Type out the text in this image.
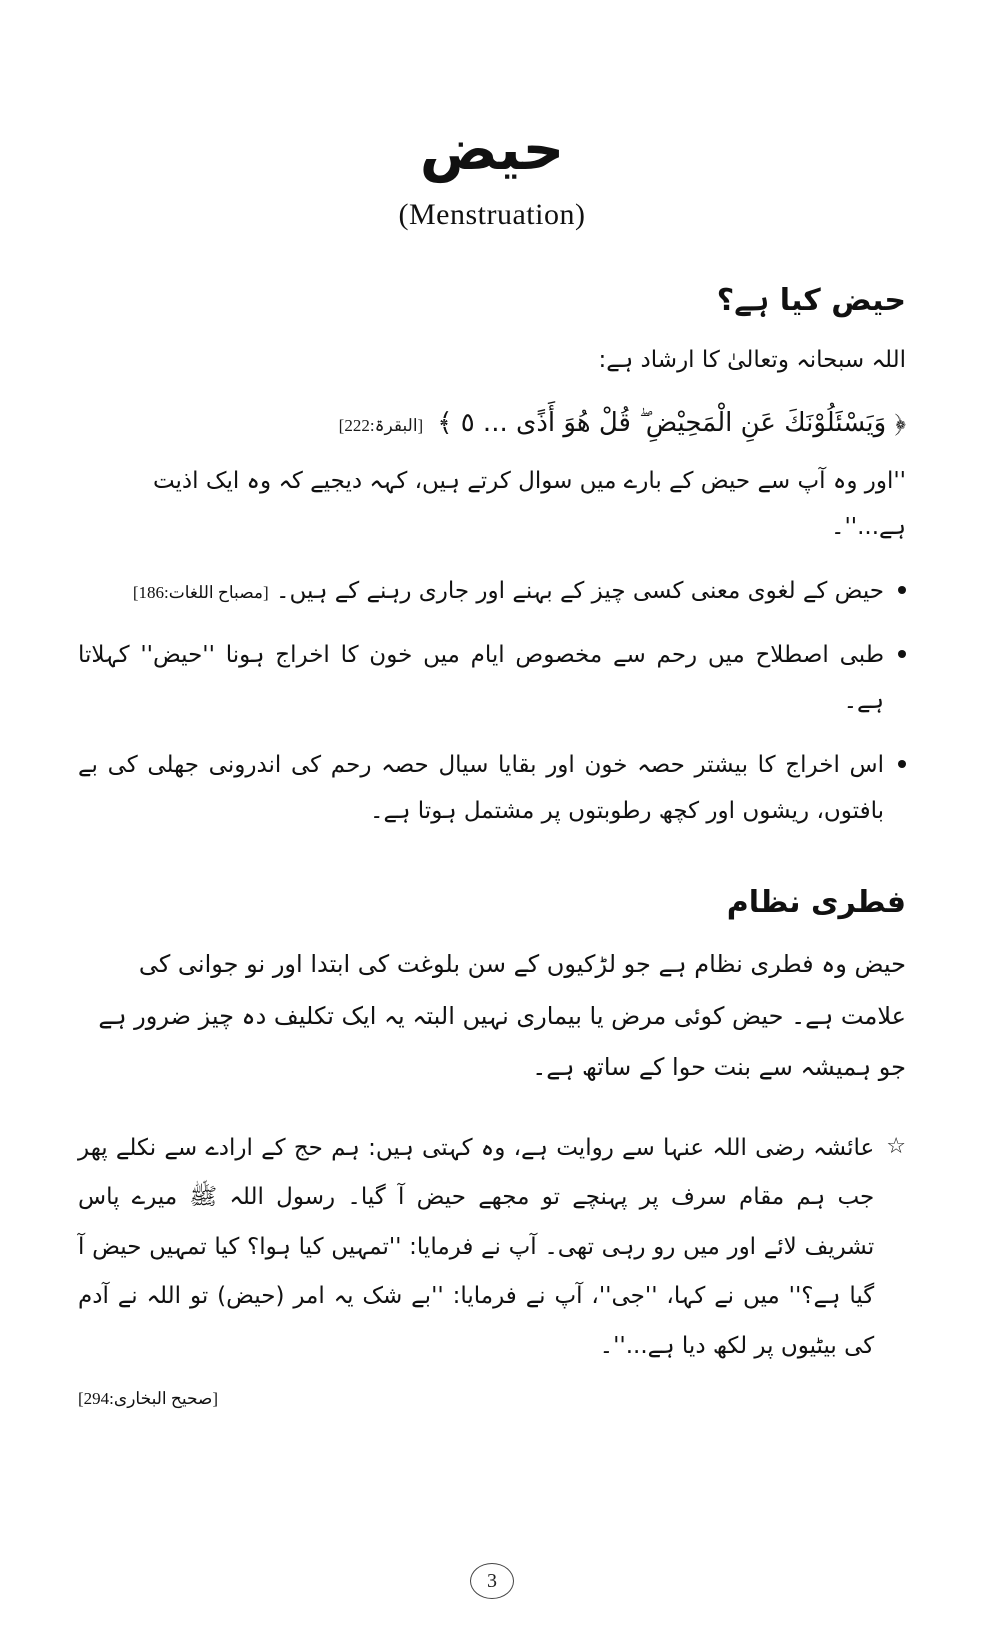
حیض
(Menstruation)
حیض کیا ہے؟
اللہ سبحانہ وتعالیٰ کا ارشاد ہے:
﴿ وَيَسْئَلُوْنَكَ عَنِ الْمَحِيْضِ ۖ قُلْ هُوَ أَذًى ... ٥ ﴾
[البقرۃ:222]
''اور وہ آپ سے حیض کے بارے میں سوال کرتے ہیں، کہہ دیجیے کہ وہ ایک اذیت ہے...''۔
حیض کے لغوی معنی کسی چیز کے بہنے اور جاری رہنے کے ہیں۔ [مصباح اللغات:186]
طبی اصطلاح میں رحم سے مخصوص ایام میں خون کا اخراج ہونا ''حیض'' کہلاتا ہے۔
اس اخراج کا بیشتر حصہ خون اور بقایا سیال حصہ رحم کی اندرونی جھلی کی بے بافتوں، ریشوں اور کچھ رطوبتوں پر مشتمل ہوتا ہے۔
فطری نظام
حیض وہ فطری نظام ہے جو لڑکیوں کے سن بلوغت کی ابتدا اور نو جوانی کی علامت ہے۔ حیض کوئی مرض یا بیماری نہیں البتہ یہ ایک تکلیف دہ چیز ضرور ہے جو ہمیشہ سے بنت حوا کے ساتھ ہے۔
☆
عائشہ رضی اللہ عنہا سے روایت ہے، وہ کہتی ہیں: ہم حج کے ارادے سے نکلے پھر جب ہم مقام سرف پر پہنچے تو مجھے حیض آ گیا۔ رسول اللہ ﷺ میرے پاس تشریف لائے اور میں رو رہی تھی۔ آپ نے فرمایا: ''تمہیں کیا ہوا؟ کیا تمہیں حیض آ گیا ہے؟'' میں نے کہا، ''جی''، آپ نے فرمایا: ''بے شک یہ امر (حیض) تو اللہ نے آدم کی بیٹیوں پر لکھ دیا ہے...''۔
[صحیح البخاری:294]
3
